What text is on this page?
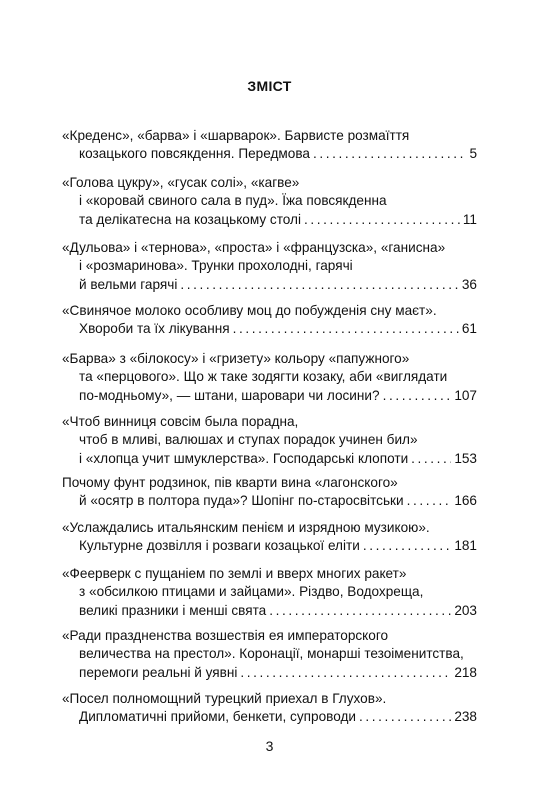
ЗМІСТ
«Креденс», «барва» і «шарварок». Барвисте розмаїття
козацького повсякдення. Передмова .....	5
«Голова цукру», «гусак солі», «кагве»
і «коровай свиного сала в пуд». Їжа повсякденна
та делікатесна на козацькому столі .....	11
«Дульова» і «тернова», «проста» і «французска», «ганисна»
і «розмаринова». Трунки прохолодні, гарячі
й вельми гарячі .....	36
«Свинячое молоко особливу моц до побужденія сну маєт».
Хвороби та їх лікування .....	61
«Барва» з «білокосу» і «гризету» кольору «папужного»
та «перцового». Що ж таке зодягти козаку, аби «виглядати
по-модньому», — штани, шаровари чи лосини? .....	107
«Чтоб винниця совсім была порадна,
чтоб в мливі, валюшах и ступах порадок учинен бил»
і «хлопца учит шмуклерства». Господарські клопоти .....	153
Почому фунт родзинок, пів кварти вина «лагонского»
й «осятр в полтора пуда»? Шопінг по-старосвітськи .....	166
«Услаждались итальянским пенієм и изрядною музикою».
Культурне дозвілля і розваги козацької еліти .....	181
«Феерверк с пущаніем по землі и вверх многих ракет»
з «обсилкою птицами и зайцами». Різдво, Водохреща,
великі празники і менші свята .....	203
«Ради праздненства возшествія ея императорского
величества на престол». Коронації, монарші тезоіменитства,
перемоги реальні й уявні .....	218
«Посел полномощний турецкий приехал в Глухов».
Дипломатичні прийоми, бенкети, супроводи .....	238
3
